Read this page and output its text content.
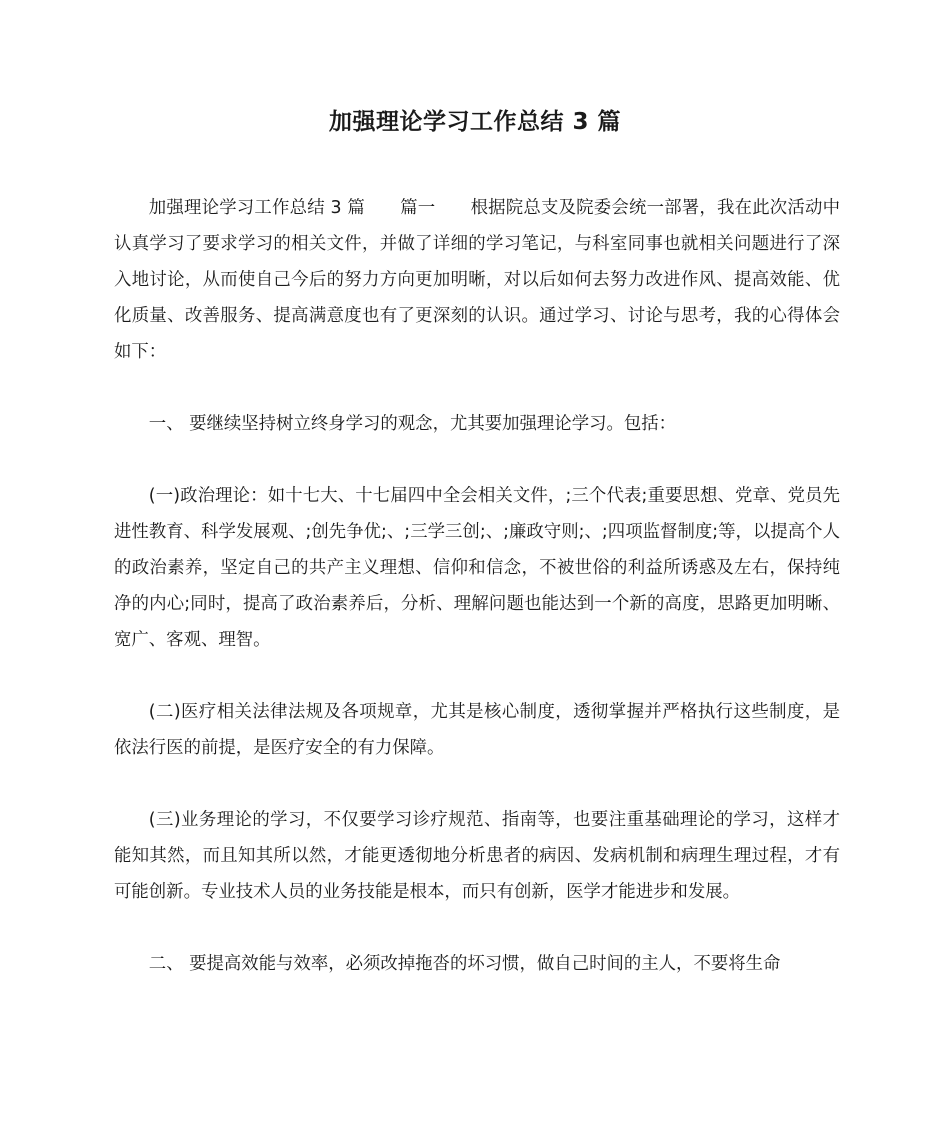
加强理论学习工作总结 3 篇

加强理论学习工作总结 3 篇　　篇一　　根据院总支及院委会统一部署，我在此次活动中认真学习了要求学习的相关文件，并做了详细的学习笔记，与科室同事也就相关问题进行了深入地讨论，从而使自己今后的努力方向更加明晰，对以后如何去努力改进作风、提高效能、优化质量、改善服务、提高满意度也有了更深刻的认识。通过学习、讨论与思考，我的心得体会如下：

一、 要继续坚持树立终身学习的观念，尤其要加强理论学习。包括：

(一)政治理论：如十七大、十七届四中全会相关文件，;三个代表;重要思想、党章、党员先进性教育、科学发展观、;创先争优;、;三学三创;、;廉政守则;、;四项监督制度;等，以提高个人的政治素养，坚定自己的共产主义理想、信仰和信念，不被世俗的利益所诱惑及左右，保持纯净的内心;同时，提高了政治素养后，分析、理解问题也能达到一个新的高度，思路更加明晰、宽广、客观、理智。

(二)医疗相关法律法规及各项规章，尤其是核心制度，透彻掌握并严格执行这些制度，是依法行医的前提，是医疗安全的有力保障。

(三)业务理论的学习，不仅要学习诊疗规范、指南等，也要注重基础理论的学习，这样才能知其然，而且知其所以然，才能更透彻地分析患者的病因、发病机制和病理生理过程，才有可能创新。专业技术人员的业务技能是根本，而只有创新，医学才能进步和发展。

二、 要提高效能与效率，必须改掉拖沓的坏习惯，做自己时间的主人，不要将生命
